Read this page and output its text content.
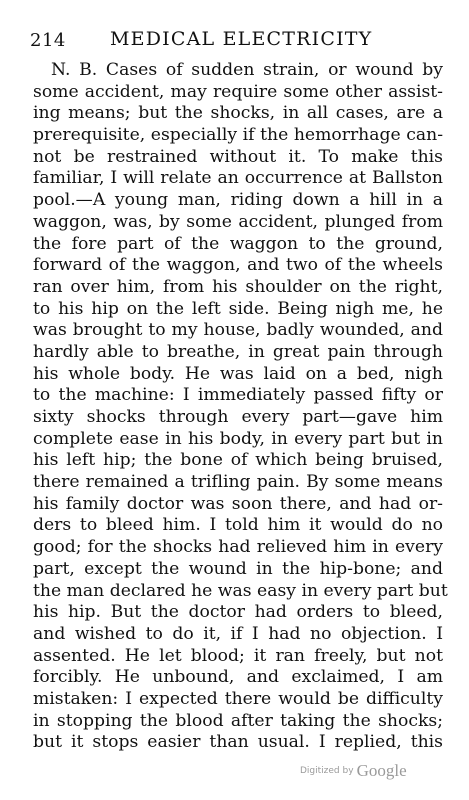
214 MEDICAL ELECTRICITY
N. B. Cases of sudden strain, or wound by
some accident, may require some other assist-
ing means; but the shocks, in all cases, are a
prerequisite, especially if the hemorrhage can-
not be restrained without it. To make this
familiar, I will relate an occurrence at Ballston
pool.—A young man, riding down a hill in a
waggon, was, by some accident, plunged from
the fore part of the waggon to the ground,
forward of the waggon, and two of the wheels
ran over him, from his shoulder on the right,
to his hip on the left side. Being nigh me, he
was brought to my house, badly wounded, and
hardly able to breathe, in great pain through
his whole body. He was laid on a bed, nigh
to the machine: I immediately passed fifty or
sixty shocks through every part—gave him
complete ease in his body, in every part but in
his left hip; the bone of which being bruised,
there remained a trifling pain. By some means
his family doctor was soon there, and had or-
ders to bleed him. I told him it would do no
good; for the shocks had relieved him in every
part, except the wound in the hip-bone; and
the man declared he was easy in every part but
his hip. But the doctor had orders to bleed,
and wished to do it, if I had no objection. I
assented. He let blood; it ran freely, but not
forcibly. He unbound, and exclaimed, I am
mistaken: I expected there would be difficulty
in stopping the blood after taking the shocks;
but it stops easier than usual. I replied, this
Digitized by Google
